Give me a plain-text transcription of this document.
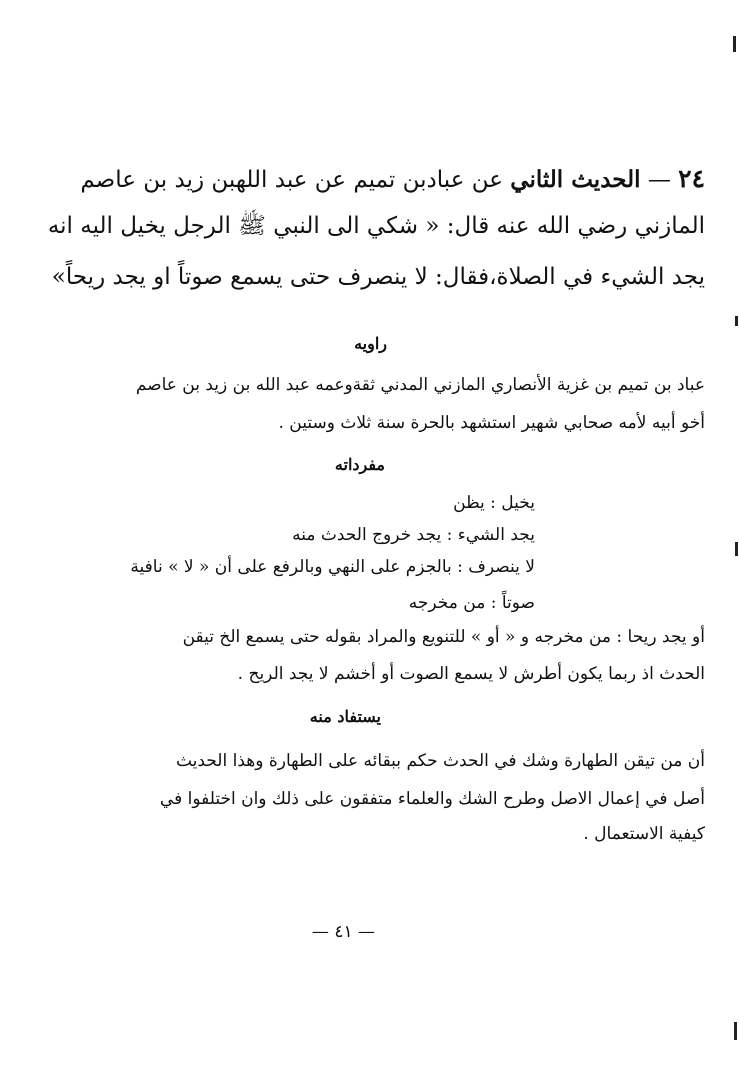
٢٤ — الحديث الثاني عن عبادبن تميم عن عبد اللهبن زيد بن عاصم
المازني رضي الله عنه قال: « شكي الى النبي ﷺ الرجل يخيل اليه انه
يجد الشيء في الصلاة،فقال: لا ينصرف حتى يسمع صوتاً او يجد ريحاً»
راويه
عباد بن تميم بن غزية الأنصاري المازني المدني ثقةوعمه عبد الله بن زيد بن عاصم
أخو أبيه لأمه صحابي شهير استشهد بالحرة سنة ثلاث وستين .
مفرداته
يخيل : يظن
يجد الشيء : يجد خروج الحدث منه
لا ينصرف : بالجزم على النهي وبالرفع على أن « لا » نافية
صوتاً : من مخرجه
أو يجد ريحا : من مخرجه و « أو » للتنويع والمراد بقوله حتى يسمع الخ تيقن
الحدث اذ ربما يكون أطرش لا يسمع الصوت أو أخشم لا يجد الريح .
يستفاد منه
أن من تيقن الطهارة وشك في الحدث حكم ببقائه على الطهارة وهذا الحديث
أصل في إعمال الاصل وطرح الشك والعلماء متفقون على ذلك وان اختلفوا في
كيفية الاستعمال .
— ٤١ —
